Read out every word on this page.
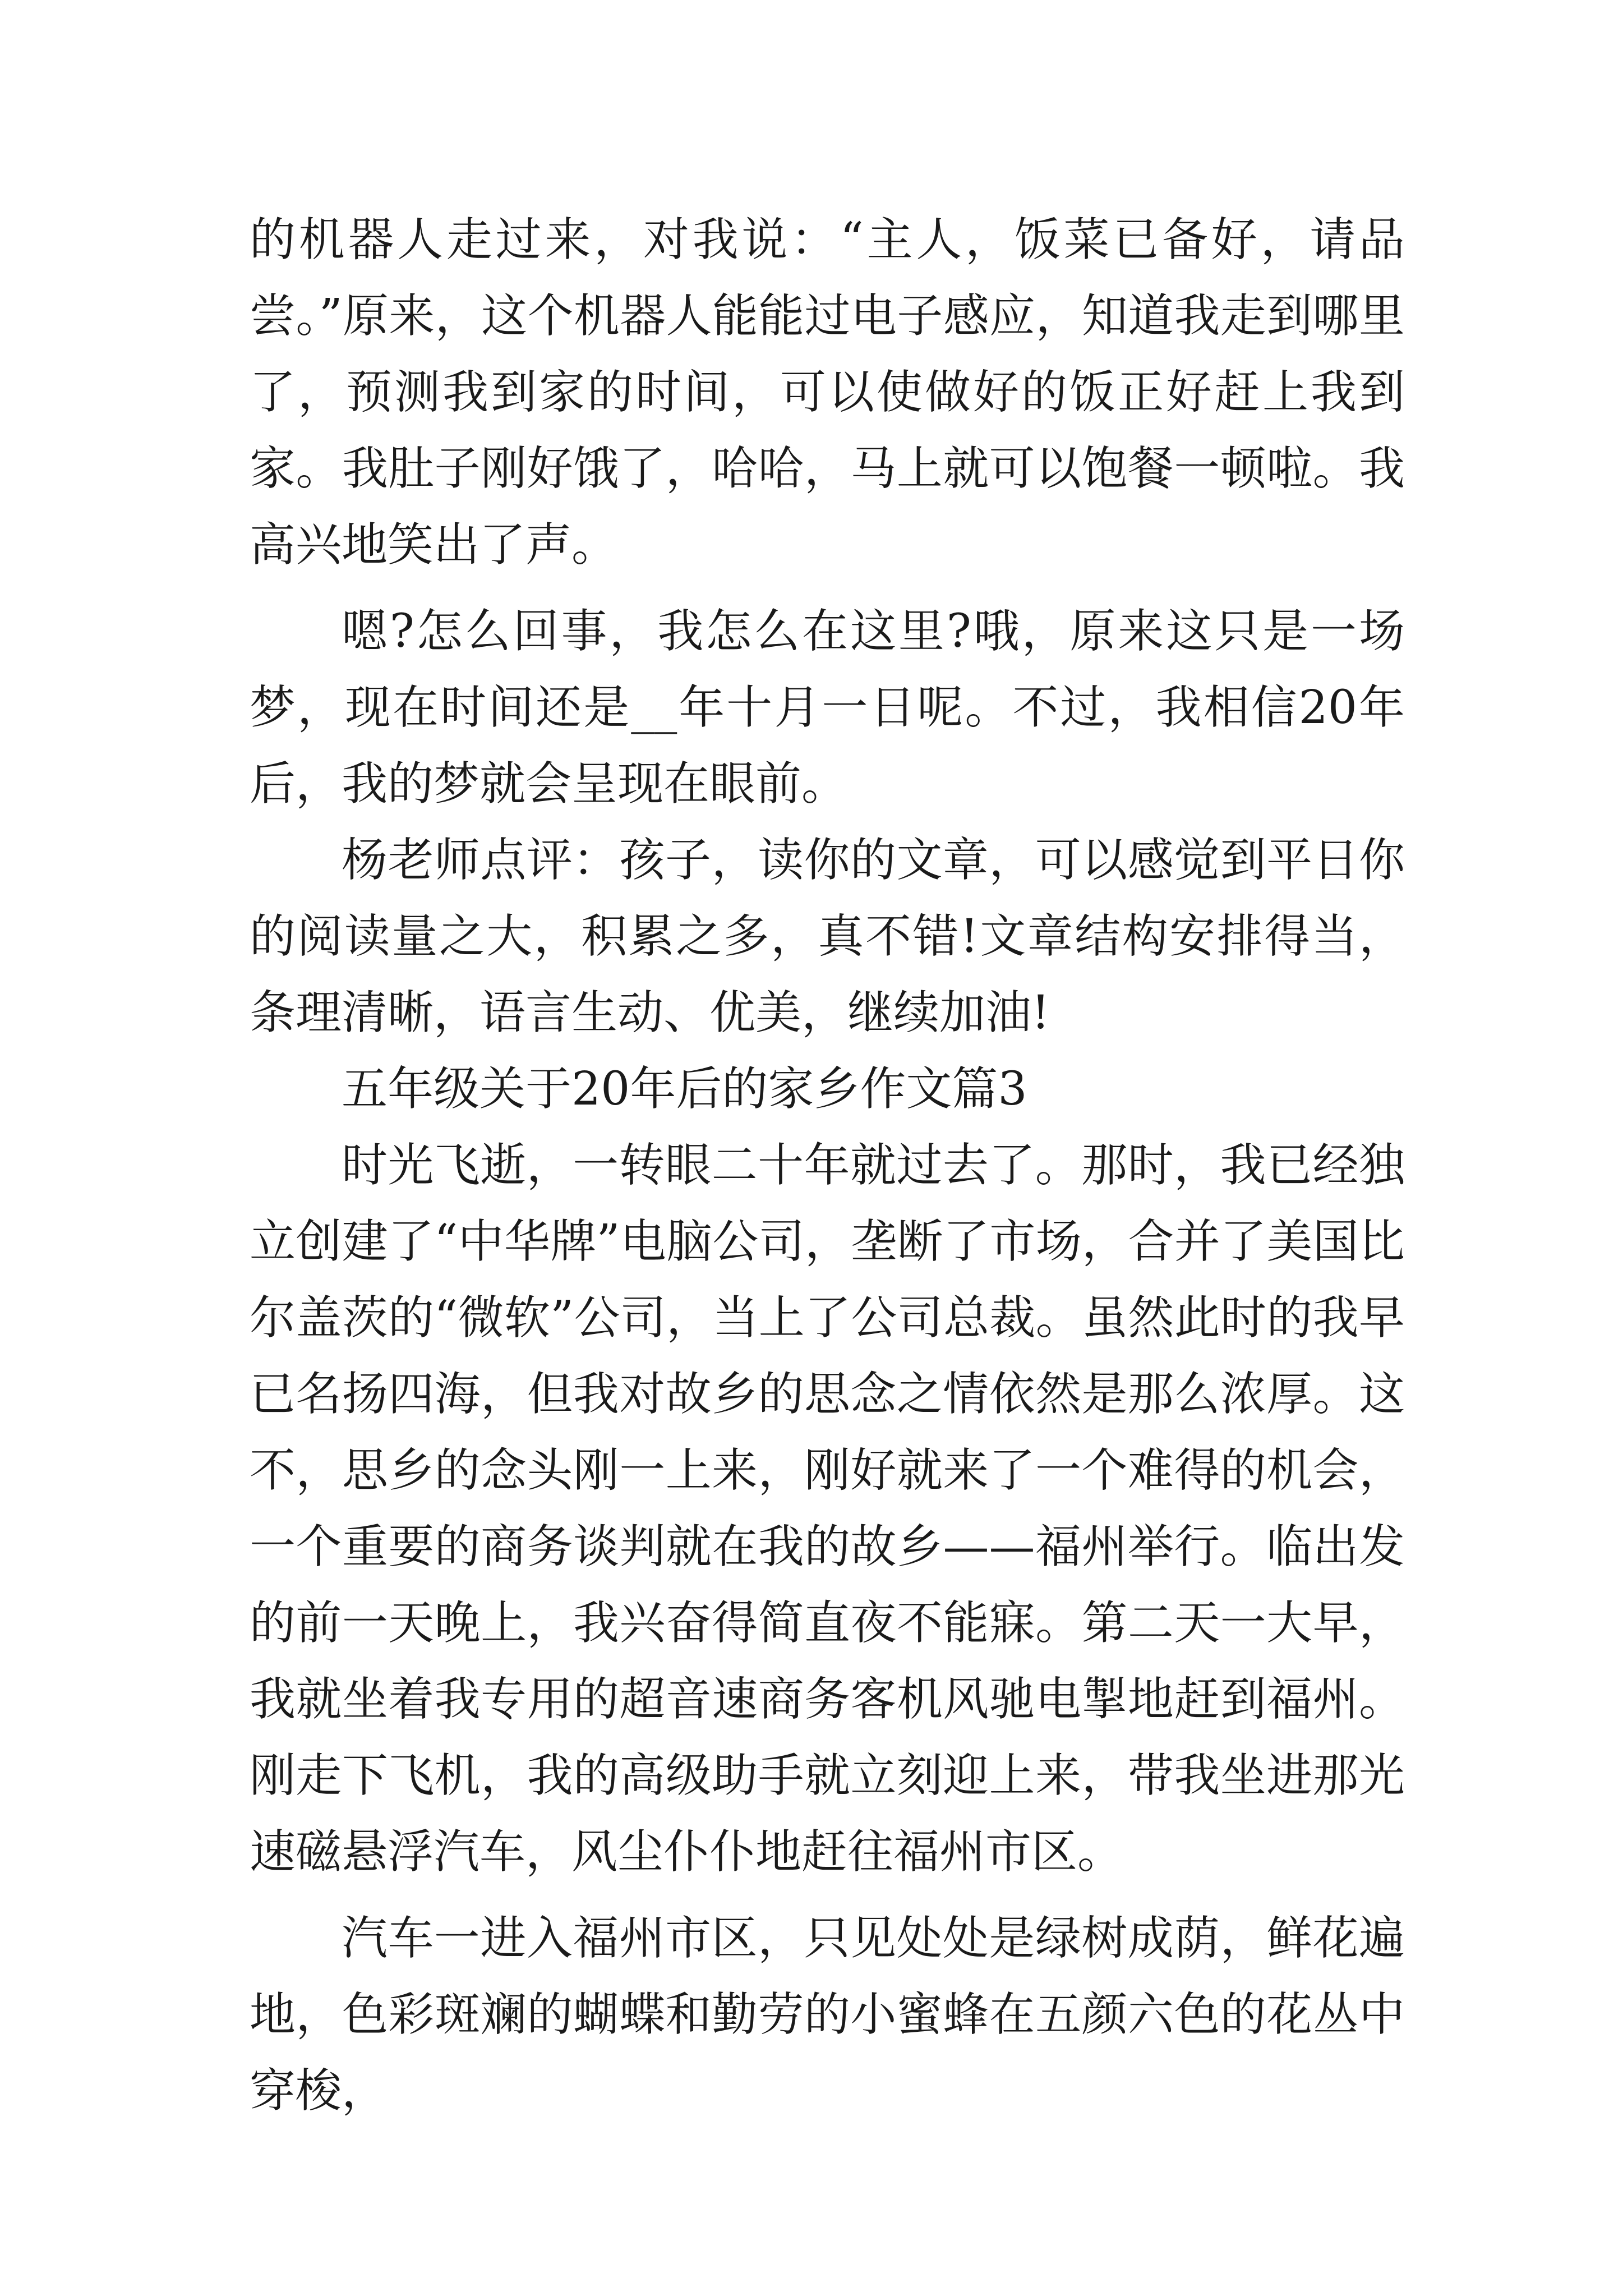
的机器人走过来，对我说：“主人，饭菜已备好，请品尝。”原来，这个机器人能能过电子感应，知道我走到哪里了，预测我到家的时间，可以使做好的饭正好赶上我到家。我肚子刚好饿了，哈哈，马上就可以饱餐一顿啦。我高兴地笑出了声。

嗯?怎么回事，我怎么在这里?哦，原来这只是一场梦，现在时间还是__年十月一日呢。不过，我相信20年后，我的梦就会呈现在眼前。

杨老师点评：孩子，读你的文章，可以感觉到平日你的阅读量之大，积累之多，真不错!文章结构安排得当，条理清晰，语言生动、优美，继续加油!

五年级关于20年后的家乡作文篇3

时光飞逝，一转眼二十年就过去了。那时，我已经独立创建了“中华牌”电脑公司，垄断了市场，合并了美国比尔盖茨的“微软”公司，当上了公司总裁。虽然此时的我早已名扬四海，但我对故乡的思念之情依然是那么浓厚。这不，思乡的念头刚一上来，刚好就来了一个难得的机会，一个重要的商务谈判就在我的故乡——福州举行。临出发的前一天晚上，我兴奋得简直夜不能寐。第二天一大早，我就坐着我专用的超音速商务客机风驰电掣地赶到福州。刚走下飞机，我的高级助手就立刻迎上来，带我坐进那光速磁悬浮汽车，风尘仆仆地赶往福州市区。

汽车一进入福州市区，只见处处是绿树成荫，鲜花遍地，色彩斑斓的蝴蝶和勤劳的小蜜蜂在五颜六色的花丛中穿梭，
